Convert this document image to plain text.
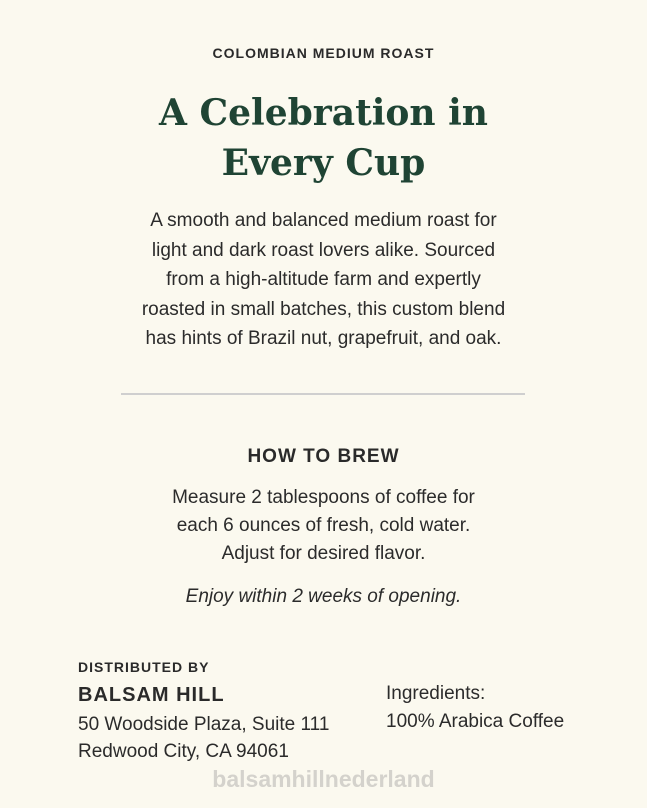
COLOMBIAN MEDIUM ROAST
A Celebration in
Every Cup
A smooth and balanced medium roast for
light and dark roast lovers alike. Sourced
from a high-altitude farm and expertly
roasted in small batches, this custom blend
has hints of Brazil nut, grapefruit, and oak.
HOW TO BREW
Measure 2 tablespoons of coffee for
each 6 ounces of fresh, cold water.
Adjust for desired flavor.
Enjoy within 2 weeks of opening.
DISTRIBUTED BY
BALSAM HILL
50 Woodside Plaza, Suite 111
Redwood City, CA 94061
Ingredients:
100% Arabica Coffee
balsamhillnederland
